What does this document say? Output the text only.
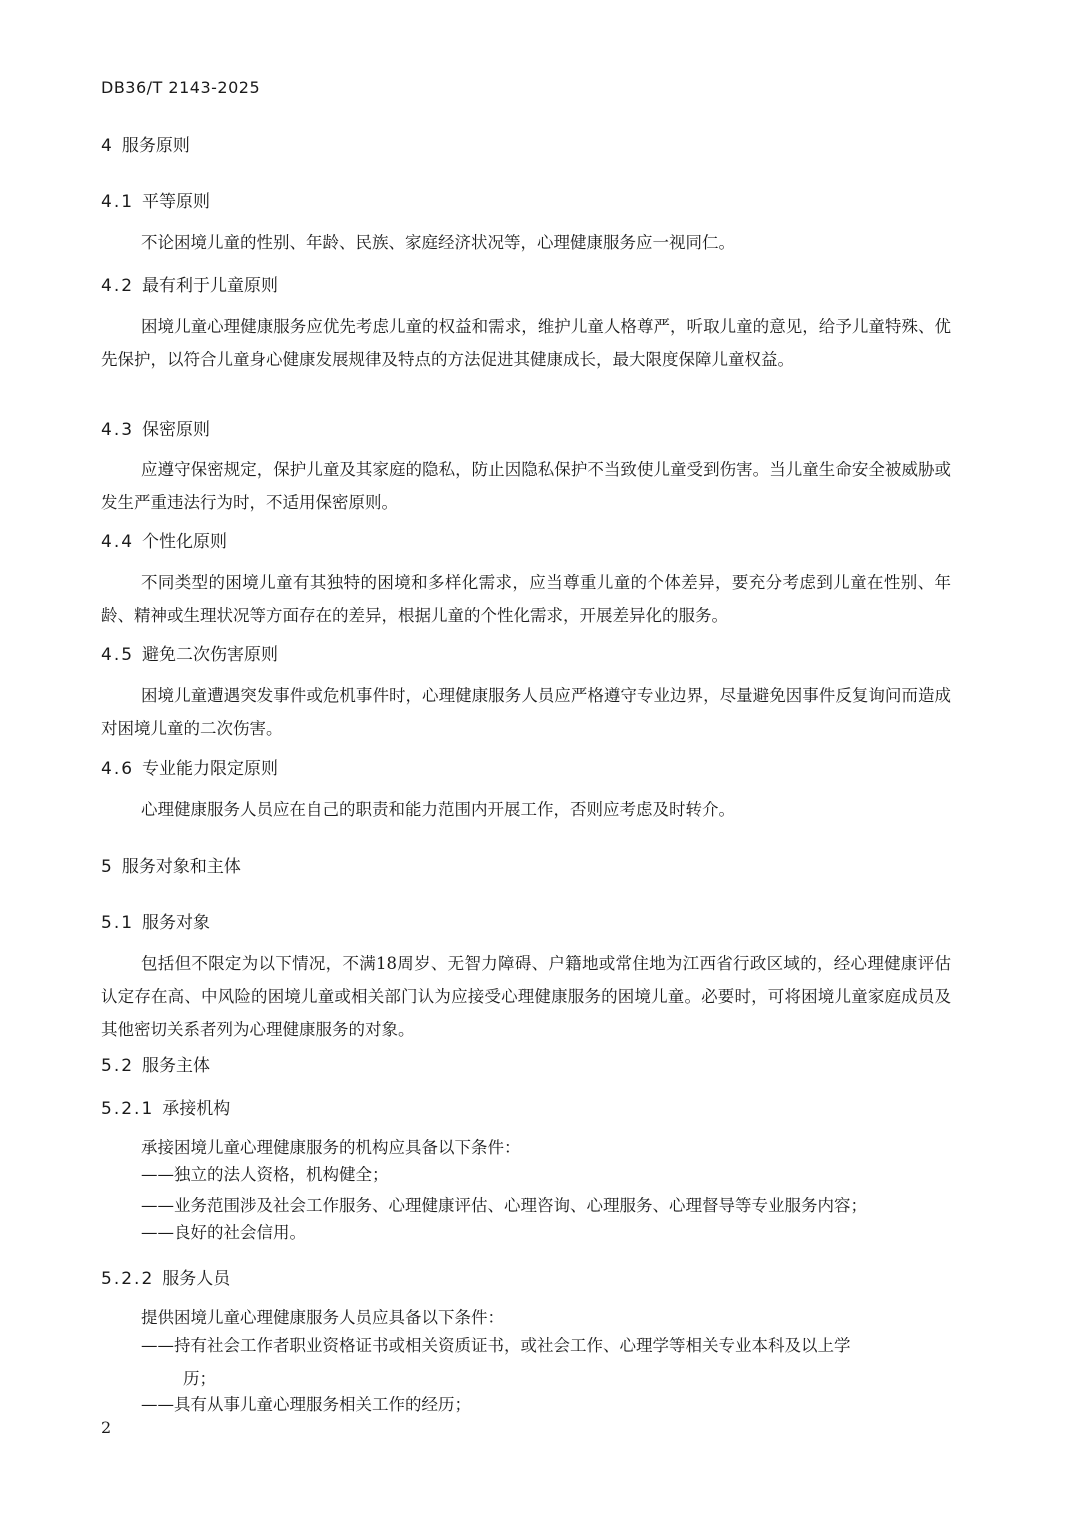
DB36/T 2143-2025
4 服务原则
4.1 平等原则
不论困境儿童的性别、年龄、民族、家庭经济状况等，心理健康服务应一视同仁。
4.2 最有利于儿童原则
困境儿童心理健康服务应优先考虑儿童的权益和需求，维护儿童人格尊严，听取儿童的意见，给予儿童特殊、优先保护，以符合儿童身心健康发展规律及特点的方法促进其健康成长，最大限度保障儿童权益。
4.3 保密原则
应遵守保密规定，保护儿童及其家庭的隐私，防止因隐私保护不当致使儿童受到伤害。当儿童生命安全被威胁或发生严重违法行为时，不适用保密原则。
4.4 个性化原则
不同类型的困境儿童有其独特的困境和多样化需求，应当尊重儿童的个体差异，要充分考虑到儿童在性别、年龄、精神或生理状况等方面存在的差异，根据儿童的个性化需求，开展差异化的服务。
4.5 避免二次伤害原则
困境儿童遭遇突发事件或危机事件时，心理健康服务人员应严格遵守专业边界，尽量避免因事件反复询问而造成对困境儿童的二次伤害。
4.6 专业能力限定原则
心理健康服务人员应在自己的职责和能力范围内开展工作，否则应考虑及时转介。
5 服务对象和主体
5.1 服务对象
包括但不限定为以下情况，不满18周岁、无智力障碍、户籍地或常住地为江西省行政区域的，经心理健康评估认定存在高、中风险的困境儿童或相关部门认为应接受心理健康服务的困境儿童。必要时，可将困境儿童家庭成员及其他密切关系者列为心理健康服务的对象。
5.2 服务主体
5.2.1 承接机构
承接困境儿童心理健康服务的机构应具备以下条件：
——独立的法人资格，机构健全；
——业务范围涉及社会工作服务、心理健康评估、心理咨询、心理服务、心理督导等专业服务内容；
——良好的社会信用。
5.2.2 服务人员
提供困境儿童心理健康服务人员应具备以下条件：
——持有社会工作者职业资格证书或相关资质证书，或社会工作、心理学等相关专业本科及以上学
历；
——具有从事儿童心理服务相关工作的经历；
2
